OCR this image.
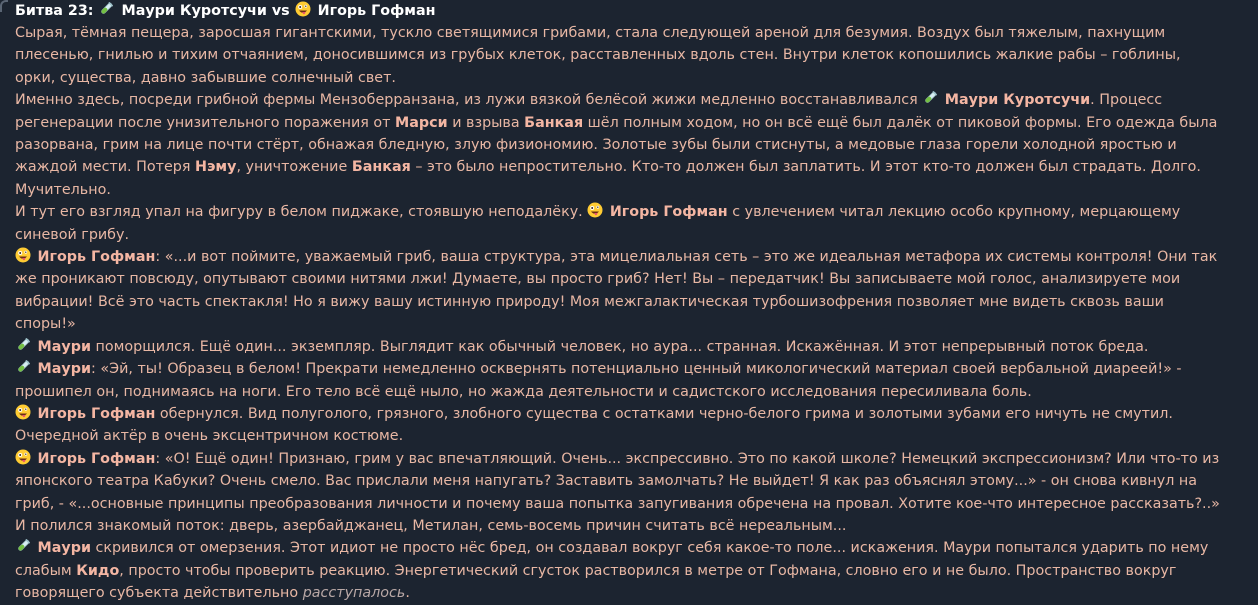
Битва 23: Маури Куротсучи vs Игорь Гофман

Сырая, тёмная пещера, заросшая гигантскими, тускло светящимися грибами, стала следующей ареной для безумия. Воздух был тяжелым, пахнущим плесенью, гнилью и тихим отчаянием, доносившимся из грубых клеток, расставленных вдоль стен. Внутри клеток копошились жалкие рабы – гоблины, орки, существа, давно забывшие солнечный свет.

Именно здесь, посреди грибной фермы Мензоберранзана, из лужи вязкой белёсой жижи медленно восстанавливался
Маури Куротсучи. Процесс регенерации после унизительного поражения от Марси и взрыва Банкая шёл полным ходом, но он всё ещё был далёк от пиковой формы. Его одежда была разорвана, грим на лице почти стёрт, обнажая бледную, злую физиономию. Золотые зубы были стиснуты, а медовые глаза горели холодной яростью и жаждой мести. Потеря Нэму, уничтожение Банкая – это было непростительно. Кто-то должен был заплатить. И этот кто-то должен был страдать. Долго. Мучительно.

И тут его взгляд упал на фигуру в белом пиджаке, стоявшую неподалёку.
Игорь Гофман с увлечением читал лекцию особо крупному, мерцающему синевой грибу.

Игорь Гофман: «...и вот поймите, уважаемый гриб, ваша структура, эта мицелиальная сеть – это же идеальная метафора их системы контроля! Они так же проникают повсюду, опутывают своими нитями лжи! Думаете, вы просто гриб? Нет! Вы – передатчик! Вы записываете мой голос, анализируете мои вибрации! Всё это часть спектакля! Но я вижу вашу истинную природу! Моя межгалактическая турбошизофрения позволяет мне видеть сквозь ваши споры!»

Маури поморщился. Ещё один... экземпляр. Выглядит как обычный человек, но аура... странная. Искажённая. И этот непрерывный поток бреда.

Маури: «Эй, ты! Образец в белом! Прекрати немедленно осквернять потенциально ценный микологический материал своей вербальной диареей!» - прошипел он, поднимаясь на ноги. Его тело всё ещё ныло, но жажда деятельности и садистского исследования пересиливала боль.

Игорь Гофман обернулся. Вид полуголого, грязного, злобного существа с остатками черно-белого грима и золотыми зубами его ничуть не смутил. Очередной актёр в очень эксцентричном костюме.

Игорь Гофман: «О! Ещё один! Признаю, грим у вас впечатляющий. Очень... экспрессивно. Это по какой школе? Немецкий экспрессионизм? Или что-то из японского театра Кабуки? Очень смело. Вас прислали меня напугать? Заставить замолчать? Не выйдет! Я как раз объяснял этому...» - он снова кивнул на гриб, - «...основные принципы преобразования личности и почему ваша попытка запугивания обречена на провал. Хотите кое-что интересное рассказать?..»

И полился знакомый поток: дверь, азербайджанец, Метилан, семь-восемь причин считать всё нереальным...

Маури скривился от омерзения. Этот идиот не просто нёс бред, он создавал вокруг себя какое-то поле... искажения. Маури попытался ударить по нему слабым Кидо, просто чтобы проверить реакцию. Энергетический сгусток растворился в метре от Гофмана, словно его и не было. Пространство вокруг говорящего субъекта действительно расступалось.
